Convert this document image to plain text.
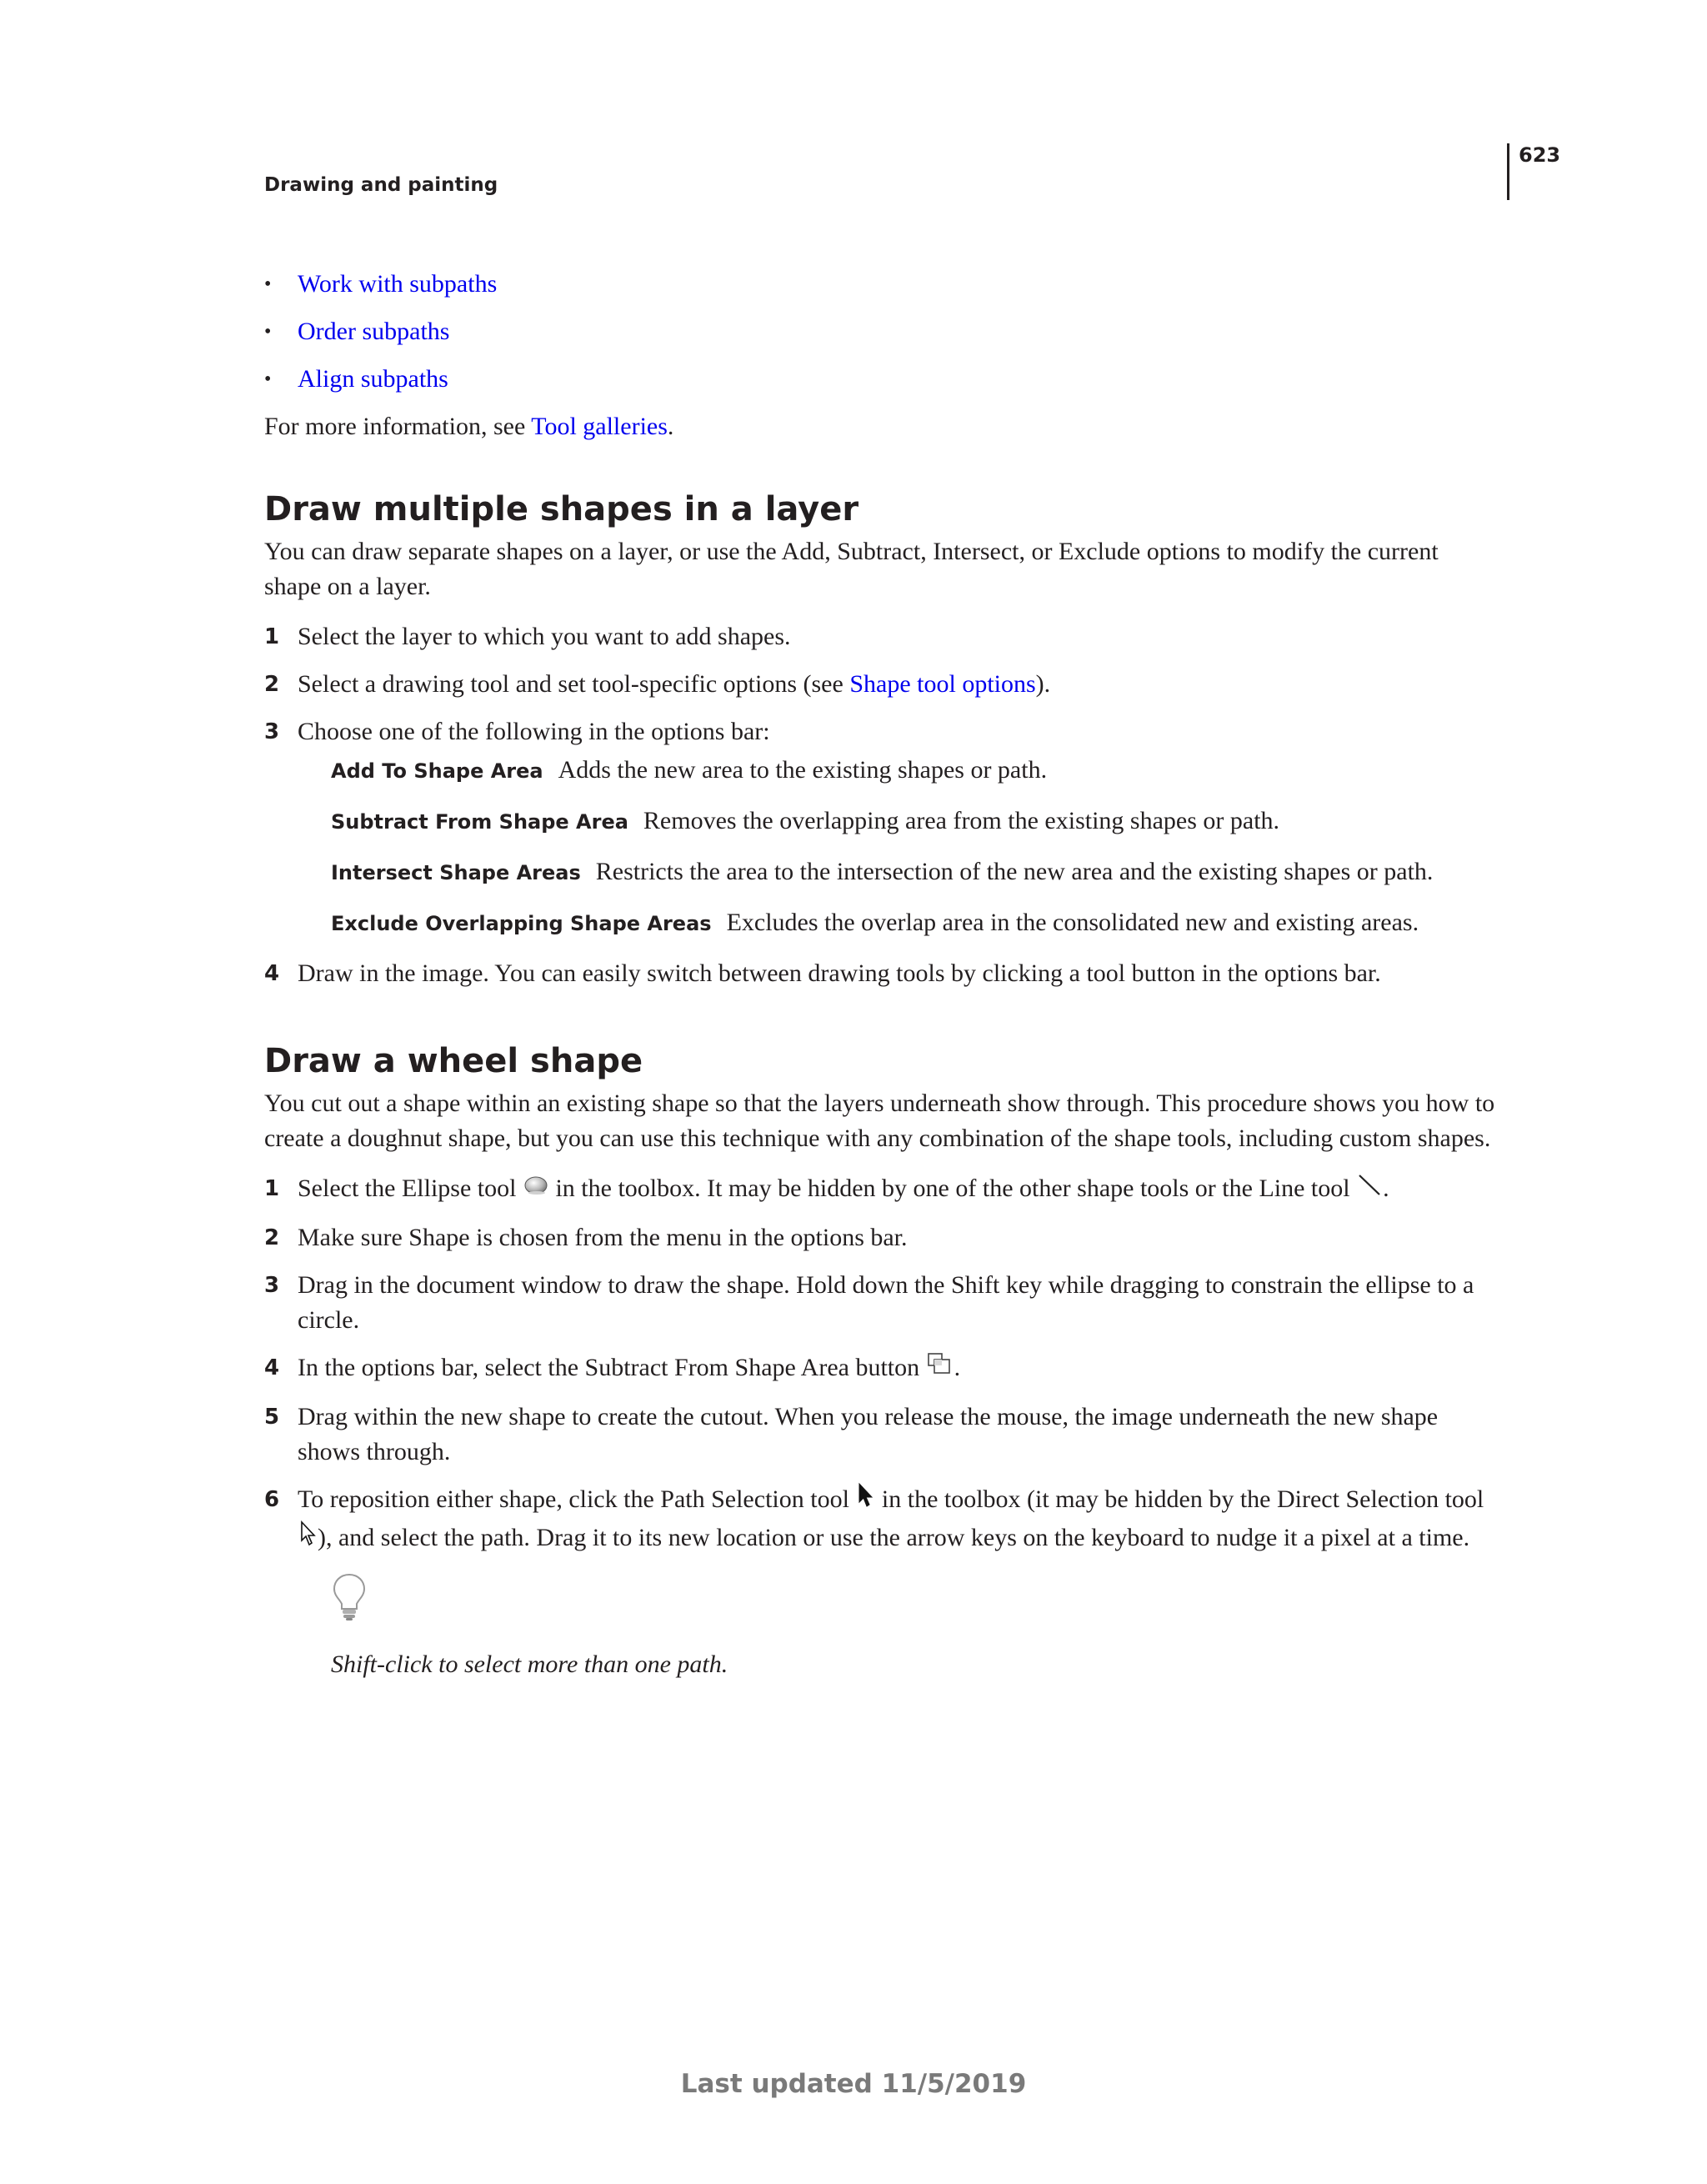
623
Drawing and painting
• Work with subpaths
• Order subpaths
• Align subpaths

For more information, see Tool galleries.

Draw multiple shapes in a layer

You can draw separate shapes on a layer, or use the Add, Subtract, Intersect, or Exclude options to modify the current shape on a layer.

1 Select the layer to which you want to add shapes.
2 Select a drawing tool and set tool-specific options (see Shape tool options).
3 Choose one of the following in the options bar:
Add To Shape Area Adds the new area to the existing shapes or path.
Subtract From Shape Area Removes the overlapping area from the existing shapes or path.
Intersect Shape Areas Restricts the area to the intersection of the new area and the existing shapes or path.
Exclude Overlapping Shape Areas Excludes the overlap area in the consolidated new and existing areas.
4 Draw in the image. You can easily switch between drawing tools by clicking a tool button in the options bar.
Draw a wheel shape

You cut out a shape within an existing shape so that the layers underneath show through. This procedure shows you how to create a doughnut shape, but you can use this technique with any combination of the shape tools, including custom shapes.

1 Select the Ellipse tool  in the toolbox. It may be hidden by one of the other shape tools or the Line tool .
2 Make sure Shape is chosen from the menu in the options bar.
3 Drag in the document window to draw the shape. Hold down the Shift key while dragging to constrain the ellipse to a circle.
4 In the options bar, select the Subtract From Shape Area button .
5 Drag within the new shape to create the cutout. When you release the mouse, the image underneath the new shape shows through.
6 To reposition either shape, click the Path Selection tool  in the toolbox (it may be hidden by the Direct Selection tool ), and select the path. Drag it to its new location or use the arrow keys on the keyboard to nudge it a pixel at a time.
Shift-click to select more than one path.
Last updated 11/5/2019
